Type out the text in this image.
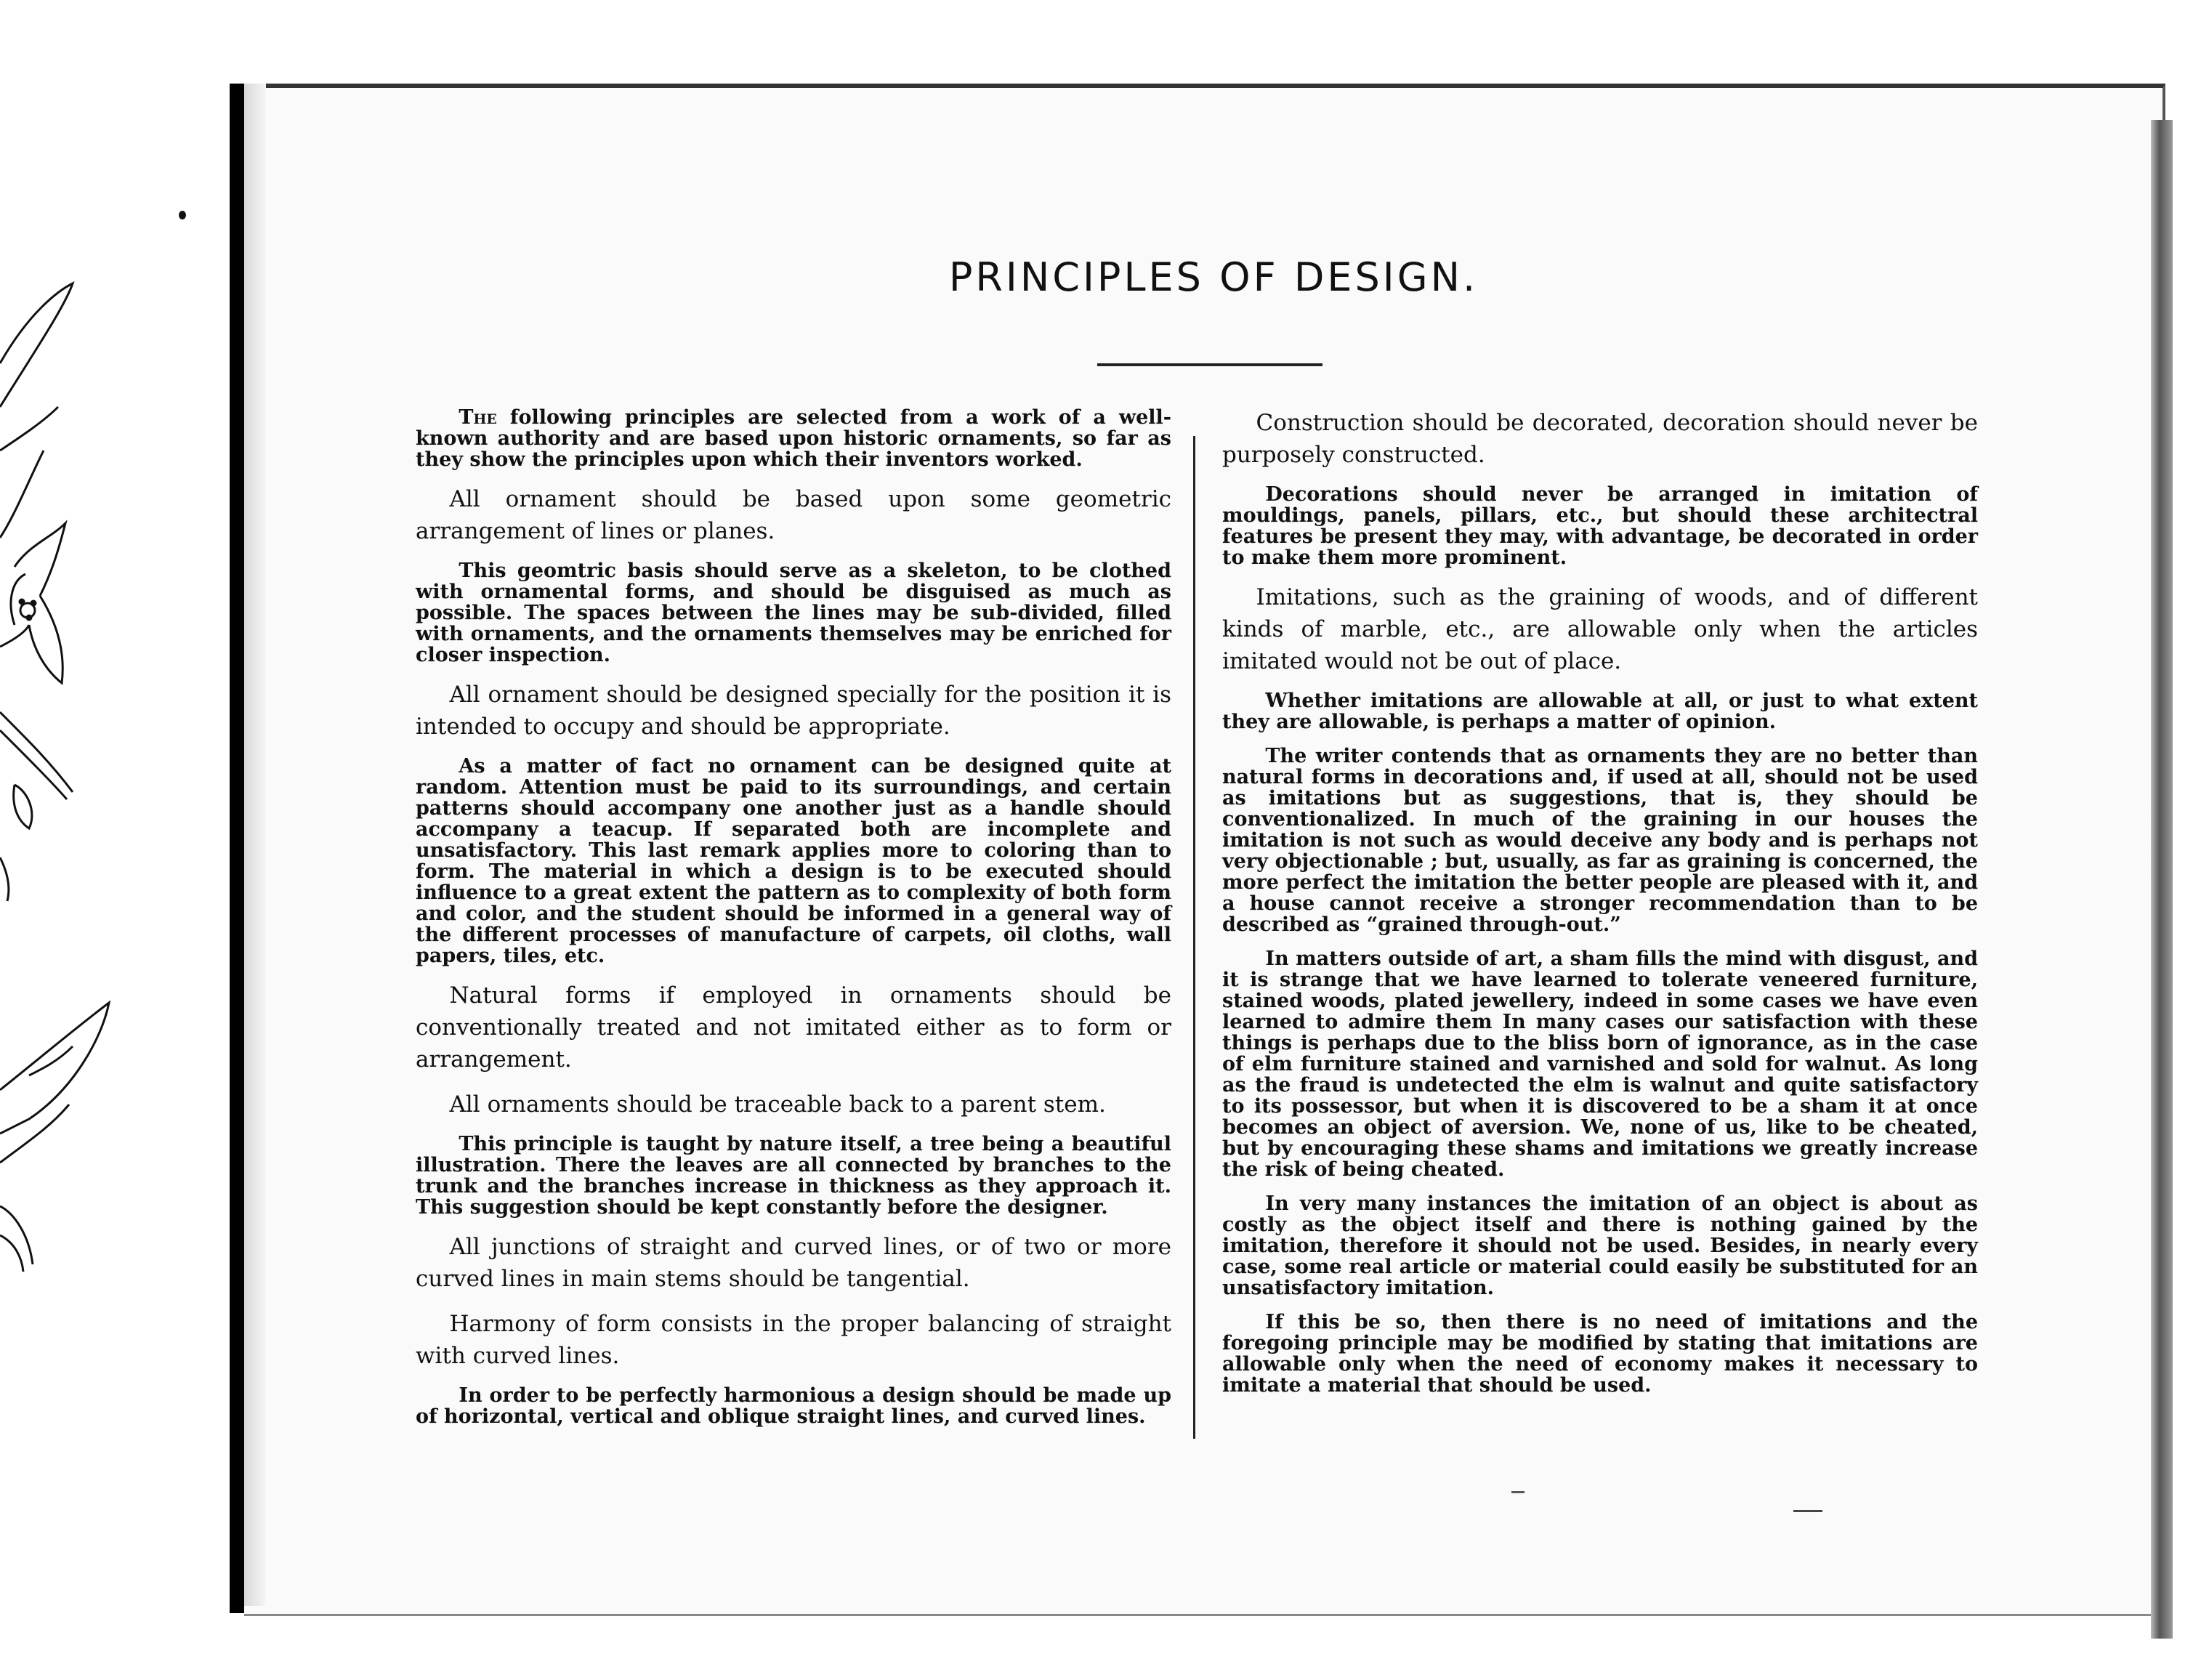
PRINCIPLES OF DESIGN.

The following principles are selected from a work of a well-known authority and are based upon historic ornaments, so far as they show the principles upon which their inventors worked.

All ornament should be based upon some geometric arrangement of lines or planes.

This geomtric basis should serve as a skeleton, to be clothed with ornamental forms, and should be disguised as much as possible. The spaces between the lines may be sub-divided, filled with ornaments, and the ornaments themselves may be enriched for closer inspection.

All ornament should be designed specially for the position it is intended to occupy and should be appropriate.

As a matter of fact no ornament can be designed quite at random. Attention must be paid to its surroundings, and certain patterns should accompany one another just as a handle should accompany a teacup. If separated both are incomplete and unsatisfactory. This last remark applies more to coloring than to form. The material in which a design is to be executed should influence to a great extent the pattern as to complexity of both form and color, and the student should be informed in a general way of the different processes of manufacture of carpets, oil cloths, wall papers, tiles, etc.

Natural forms if employed in ornaments should be conventionally treated and not imitated either as to form or arrangement.

All ornaments should be traceable back to a parent stem.

This principle is taught by nature itself, a tree being a beautiful illustration. There the leaves are all connected by branches to the trunk and the branches increase in thickness as they approach it. This suggestion should be kept constantly before the designer.

All junctions of straight and curved lines, or of two or more curved lines in main stems should be tangential.

Harmony of form consists in the proper balancing of straight with curved lines.

In order to be perfectly harmonious a design should be made up of horizontal, vertical and oblique straight lines, and curved lines.

Construction should be decorated, decoration should never be purposely constructed.

Decorations should never be arranged in imitation of mouldings, panels, pillars, etc., but should these architectral features be present they may, with advantage, be decorated in order to make them more prominent.

Imitations, such as the graining of woods, and of different kinds of marble, etc., are allowable only when the articles imitated would not be out of place.

Whether imitations are allowable at all, or just to what extent they are allowable, is perhaps a matter of opinion.

The writer contends that as ornaments they are no better than natural forms in decorations and, if used at all, should not be used as imitations but as suggestions, that is, they should be conventionalized. In much of the graining in our houses the imitation is not such as would deceive any body and is perhaps not very objectionable ; but, usually, as far as graining is concerned, the more perfect the imitation the better people are pleased with it, and a house cannot receive a stronger recommendation than to be described as “grained through-out.”

In matters outside of art, a sham fills the mind with disgust, and it is strange that we have learned to tolerate veneered furniture, stained woods, plated jewellery, indeed in some cases we have even learned to admire them In many cases our satisfaction with these things is perhaps due to the bliss born of ignorance, as in the case of elm furniture stained and varnished and sold for walnut. As long as the fraud is undetected the elm is walnut and quite satisfactory to its possessor, but when it is discovered to be a sham it at once becomes an object of aversion. We, none of us, like to be cheated, but by encouraging these shams and imitations we greatly increase the risk of being cheated.

In very many instances the imitation of an object is about as costly as the object itself and there is nothing gained by the imitation, therefore it should not be used. Besides, in nearly every case, some real article or material could easily be substituted for an unsatisfactory imitation.

If this be so, then there is no need of imitations and the foregoing principle may be modified by stating that imitations are allowable only when the need of economy makes it necessary to imitate a material that should be used.
